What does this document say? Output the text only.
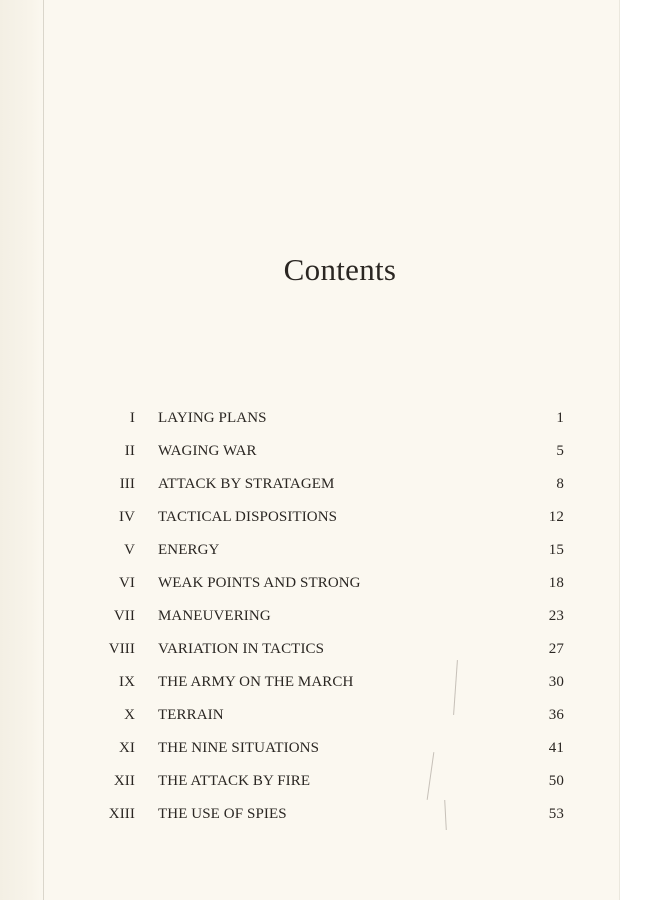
Contents
I LAYING PLANS	1
II WAGING WAR	5
III ATTACK BY STRATAGEM	8
IV TACTICAL DISPOSITIONS	12
V ENERGY	15
VI WEAK POINTS AND STRONG	18
VII MANEUVERING	23
VIII VARIATION IN TACTICS	27
IX THE ARMY ON THE MARCH	30
X TERRAIN	36
XI THE NINE SITUATIONS	41
XII THE ATTACK BY FIRE	50
XIII THE USE OF SPIES	53
